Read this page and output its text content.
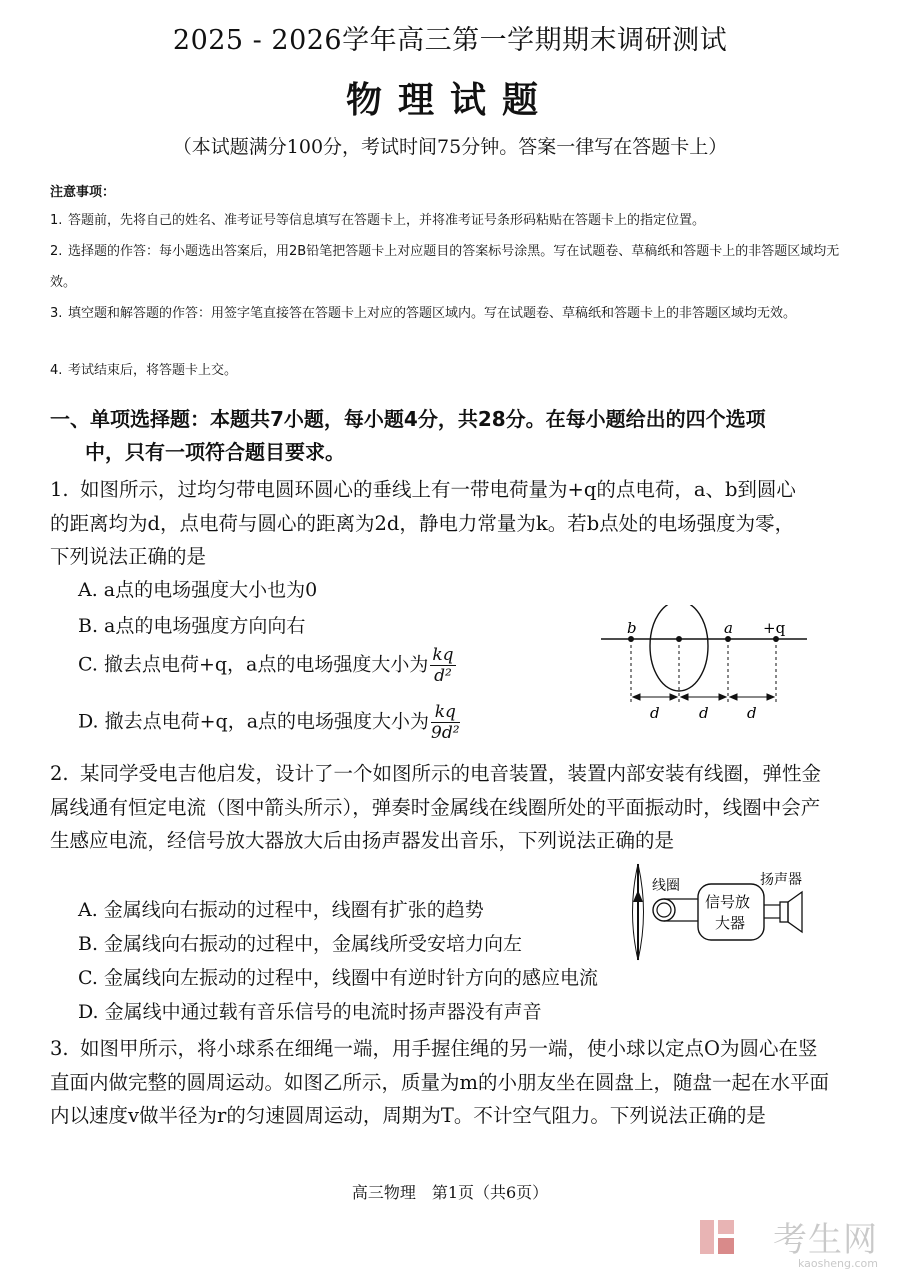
2025 - 2026学年高三第一学期期末调研测试
物理试题
（本试题满分100分，考试时间75分钟。答案一律写在答题卡上）
注意事项：
1. 答题前，先将自己的姓名、准考证号等信息填写在答题卡上，并将准考证号条形码粘贴在答题卡上的指定位置。
2. 选择题的作答：每小题选出答案后，用2B铅笔把答题卡上对应题目的答案标号涂黑。写在试题卷、草稿纸和答题卡上的非答题区域均无效。
3. 填空题和解答题的作答：用签字笔直接答在答题卡上对应的答题区域内。写在试题卷、草稿纸和答题卡上的非答题区域均无效。
4. 考试结束后，将答题卡上交。
一、单项选择题：本题共7小题，每小题4分，共28分。在每小题给出的四个选项
中，只有一项符合题目要求。
1. 如图所示，过均匀带电圆环圆心的垂线上有一带电荷量为+q的点电荷，a、b到圆心的距离均为d，点电荷与圆心的距离为2d，静电力常量为k。若b点处的电场强度为零，下列说法正确的是
A. a点的电场强度大小也为0
B. a点的电场强度方向向右
C. 撤去点电荷+q，a点的电场强度大小为 $\frac{kq}{\text{d²}}$
D. 撤去点电荷+q，a点的电场强度大小为 $\frac{kq}{\text{9d²}}$
b	a +q
d	d	d
2. 某同学受电吉他启发，设计了一个如图所示的电音装置，装置内部安装有线圈，弹性金属线通有恒定电流（图中箭头所示），弹奏时金属线在线圈所处的平面振动时，线圈中会产生感应电流，经信号放大器放大后由扬声器发出音乐，下列说法正确的是
A. 金属线向右振动的过程中，线圈有扩张的趋势
B. 金属线向右振动的过程中，金属线所受安培力向左
C. 金属线向左振动的过程中，线圈中有逆时针方向的感应电流
D. 金属线中通过载有音乐信号的电流时扬声器没有声音
线圈
信号放
大器
扬声器
3. 如图甲所示，将小球系在细绳一端，用手握住绳的另一端，使小球以定点O为圆心在竖直面内做完整的圆周运动。如图乙所示，质量为m的小朋友坐在圆盘上，随盘一起在水平面内以速度v做半径为r的匀速圆周运动，周期为T。不计空气阻力。下列说法正确的是
高三物理　第1页（共6页）
考生网
kaosheng.com
